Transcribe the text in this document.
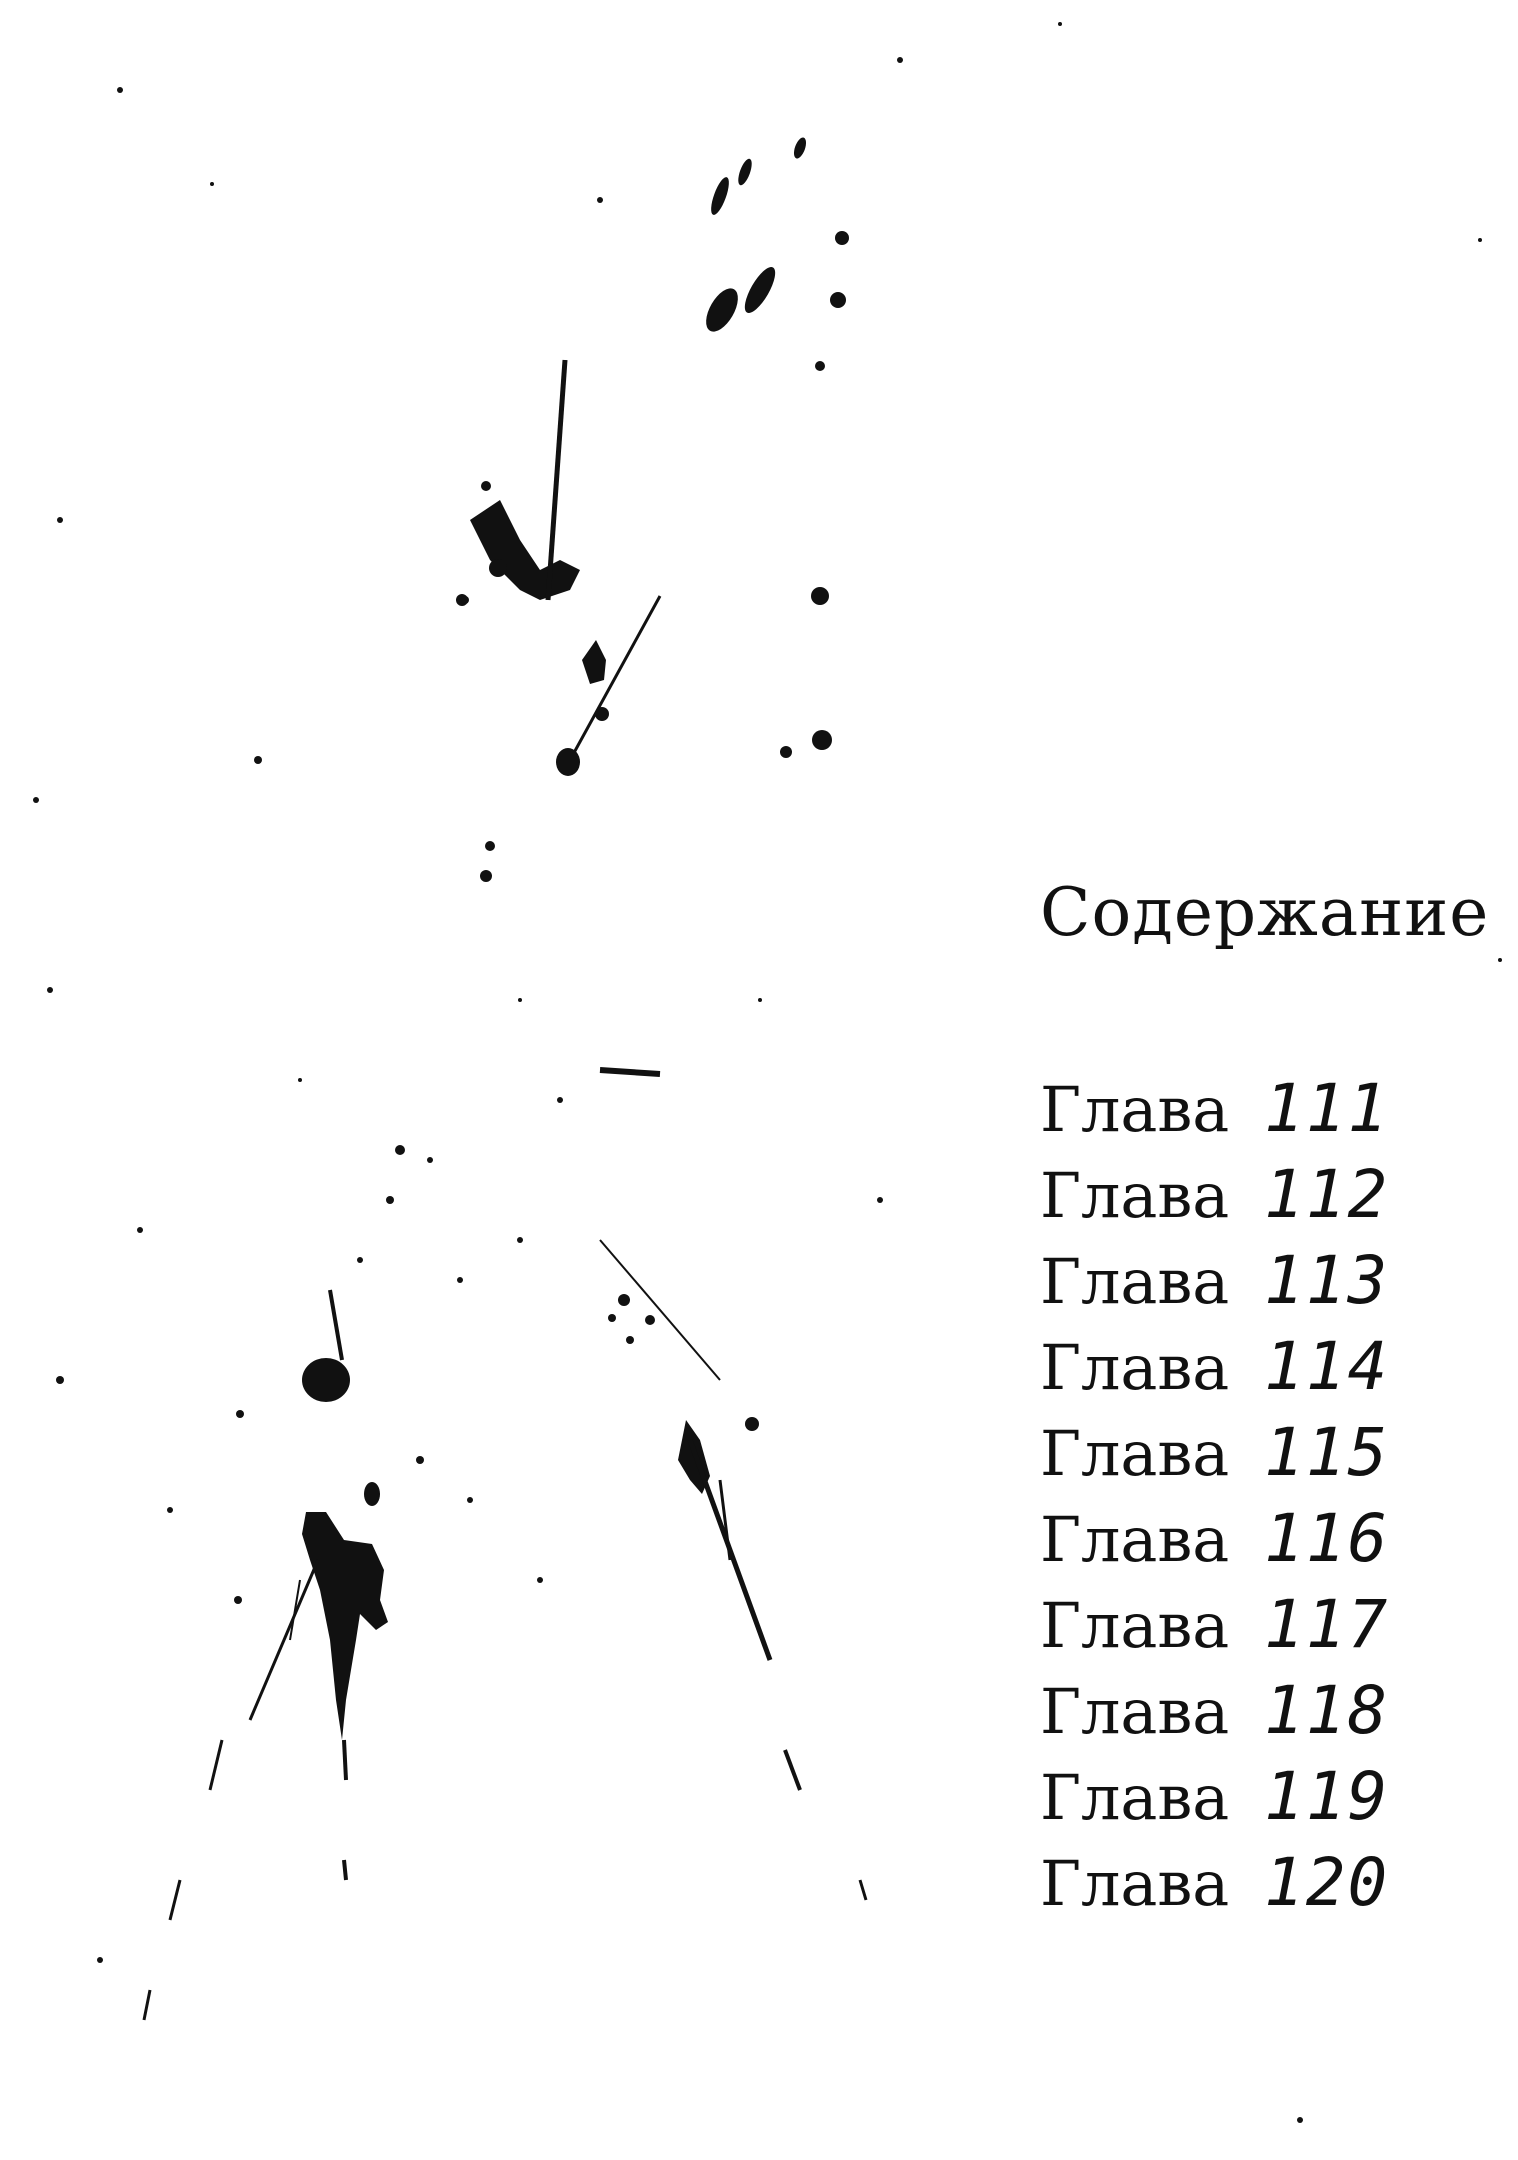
Содержание
Глава 111
Глава 112
Глава 113
Глава 114
Глава 115
Глава 116
Глава 117
Глава 118
Глава 119
Глава 120
